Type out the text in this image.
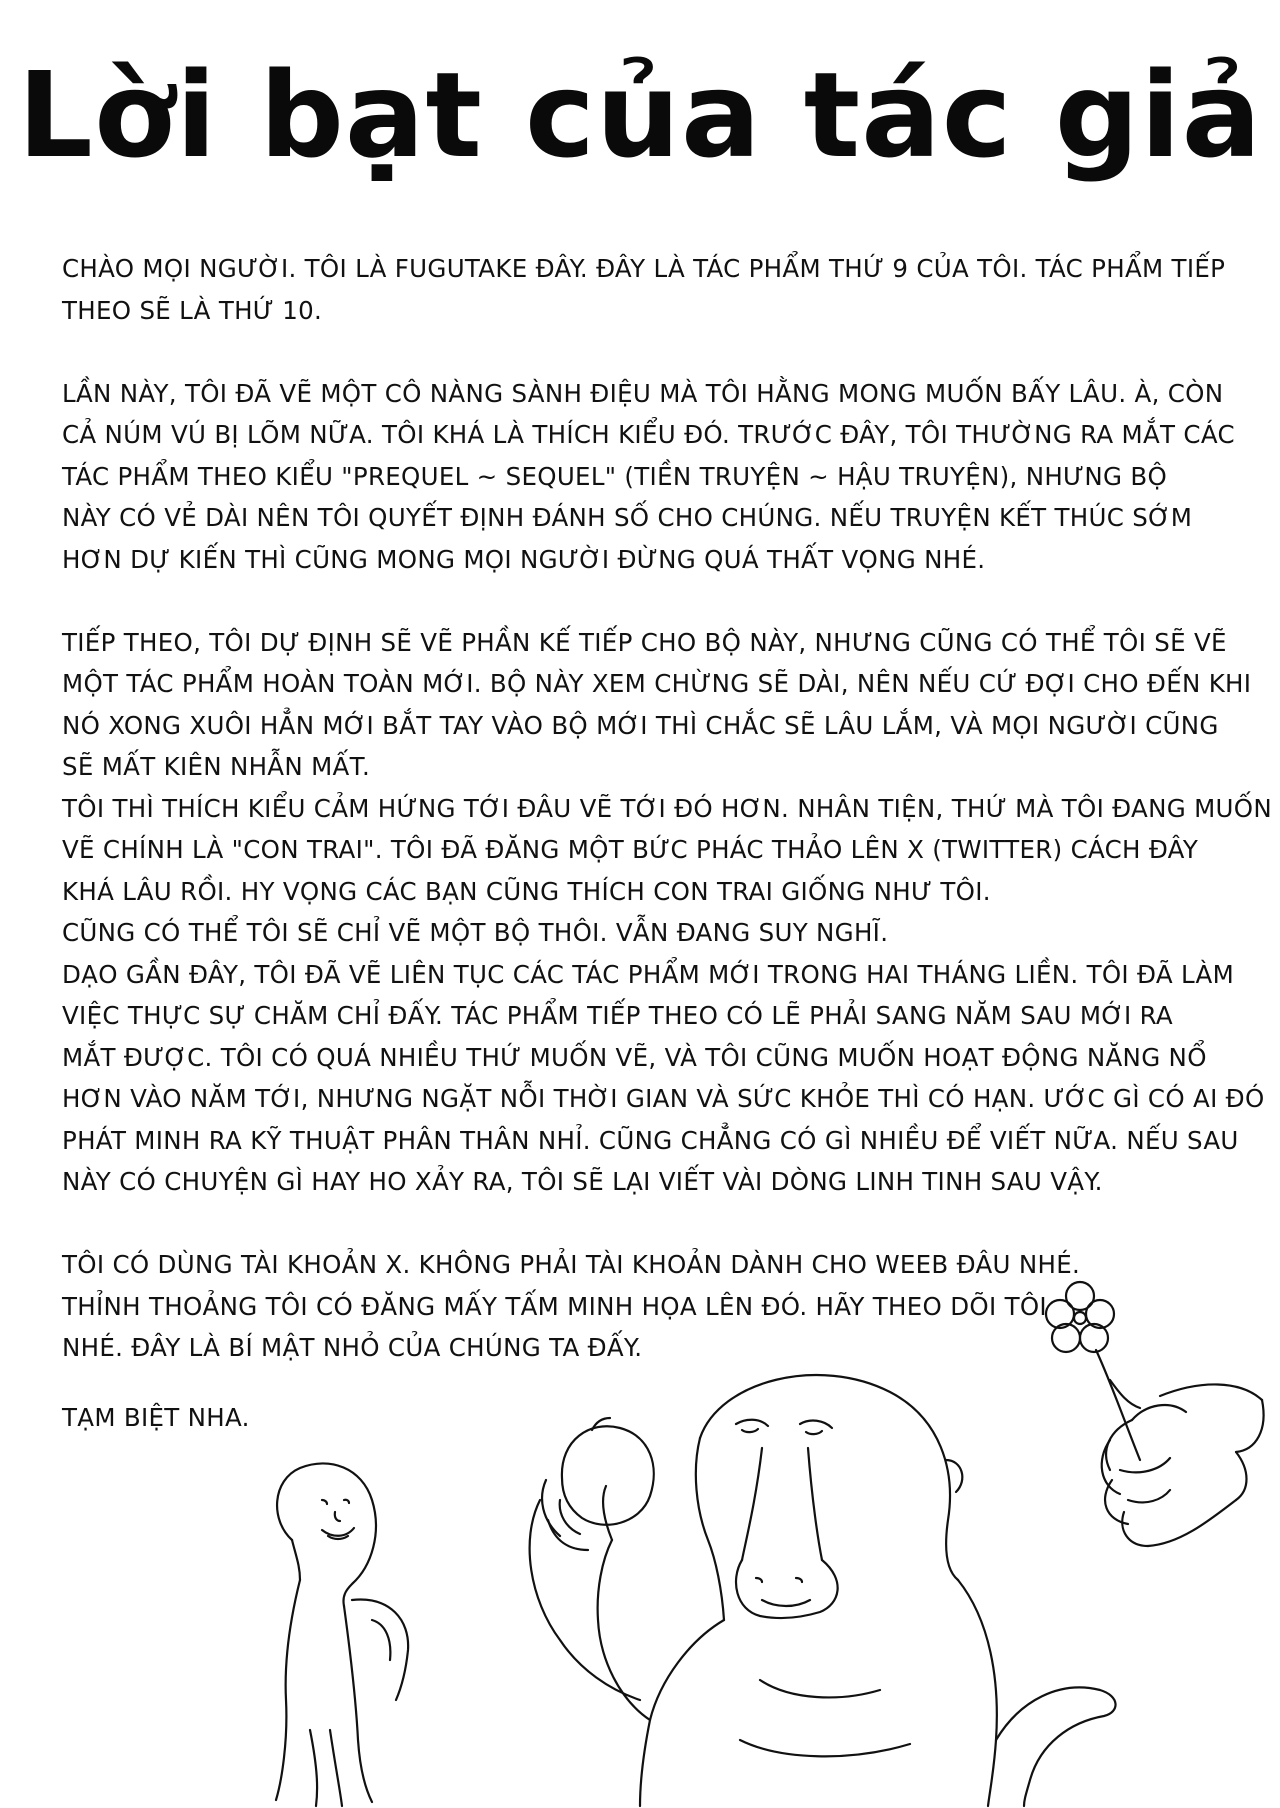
Lời bạt của tác giả

CHÀO MỌI NGƯỜI. TÔI LÀ FUGUTAKE ĐÂY. ĐÂY LÀ TÁC PHẨM THỨ 9 CỦA TÔI. TÁC PHẨM TIẾP
THEO SẼ LÀ THỨ 10.

LẦN NÀY, TÔI ĐÃ VẼ MỘT CÔ NÀNG SÀNH ĐIỆU MÀ TÔI HẰNG MONG MUỐN BẤY LÂU. À, CÒN
CẢ NÚM VÚ BỊ LÕM NỮA. TÔI KHÁ LÀ THÍCH KIỂU ĐÓ. TRƯỚC ĐÂY, TÔI THƯỜNG RA MẮT CÁC
TÁC PHẨM THEO KIỂU "PREQUEL ~ SEQUEL" (TIỀN TRUYỆN ~ HẬU TRUYỆN), NHƯNG BỘ
NÀY CÓ VẺ DÀI NÊN TÔI QUYẾT ĐỊNH ĐÁNH SỐ CHO CHÚNG. NẾU TRUYỆN KẾT THÚC SỚM
HƠN DỰ KIẾN THÌ CŨNG MONG MỌI NGƯỜI ĐỪNG QUÁ THẤT VỌNG NHÉ.

TIẾP THEO, TÔI DỰ ĐỊNH SẼ VẼ PHẦN KẾ TIẾP CHO BỘ NÀY, NHƯNG CŨNG CÓ THỂ TÔI SẼ VẼ
MỘT TÁC PHẨM HOÀN TOÀN MỚI. BỘ NÀY XEM CHỪNG SẼ DÀI, NÊN NẾU CỨ ĐỢI CHO ĐẾN KHI
NÓ XONG XUÔI HẲN MỚI BẮT TAY VÀO BỘ MỚI THÌ CHẮC SẼ LÂU LẮM, VÀ MỌI NGƯỜI CŨNG
SẼ MẤT KIÊN NHẪN MẤT.
TÔI THÌ THÍCH KIỂU CẢM HỨNG TỚI ĐÂU VẼ TỚI ĐÓ HƠN. NHÂN TIỆN, THỨ MÀ TÔI ĐANG MUỐN
VẼ CHÍNH LÀ "CON TRAI". TÔI ĐÃ ĐĂNG MỘT BỨC PHÁC THẢO LÊN X (TWITTER) CÁCH ĐÂY
KHÁ LÂU RỒI. HY VỌNG CÁC BẠN CŨNG THÍCH CON TRAI GIỐNG NHƯ TÔI.
CŨNG CÓ THỂ TÔI SẼ CHỈ VẼ MỘT BỘ THÔI. VẪN ĐANG SUY NGHĨ.
DẠO GẦN ĐÂY, TÔI ĐÃ VẼ LIÊN TỤC CÁC TÁC PHẨM MỚI TRONG HAI THÁNG LIỀN. TÔI ĐÃ LÀM
VIỆC THỰC SỰ CHĂM CHỈ ĐẤY. TÁC PHẨM TIẾP THEO CÓ LẼ PHẢI SANG NĂM SAU MỚI RA
MẮT ĐƯỢC. TÔI CÓ QUÁ NHIỀU THỨ MUỐN VẼ, VÀ TÔI CŨNG MUỐN HOẠT ĐỘNG NĂNG NỔ
HƠN VÀO NĂM TỚI, NHƯNG NGẶT NỖI THỜI GIAN VÀ SỨC KHỎE THÌ CÓ HẠN. ƯỚC GÌ CÓ AI ĐÓ
PHÁT MINH RA KỸ THUẬT PHÂN THÂN NHỈ. CŨNG CHẲNG CÓ GÌ NHIỀU ĐỂ VIẾT NỮA. NẾU SAU
NÀY CÓ CHUYỆN GÌ HAY HO XẢY RA, TÔI SẼ LẠI VIẾT VÀI DÒNG LINH TINH SAU VẬY.

TÔI CÓ DÙNG TÀI KHOẢN X. KHÔNG PHẢI TÀI KHOẢN DÀNH CHO WEEB ĐÂU NHÉ.
THỈNH THOẢNG TÔI CÓ ĐĂNG MẤY TẤM MINH HỌA LÊN ĐÓ. HÃY THEO DÕI TÔI
NHÉ. ĐÂY LÀ BÍ MẬT NHỎ CỦA CHÚNG TA ĐẤY.

TẠM BIỆT NHA.
